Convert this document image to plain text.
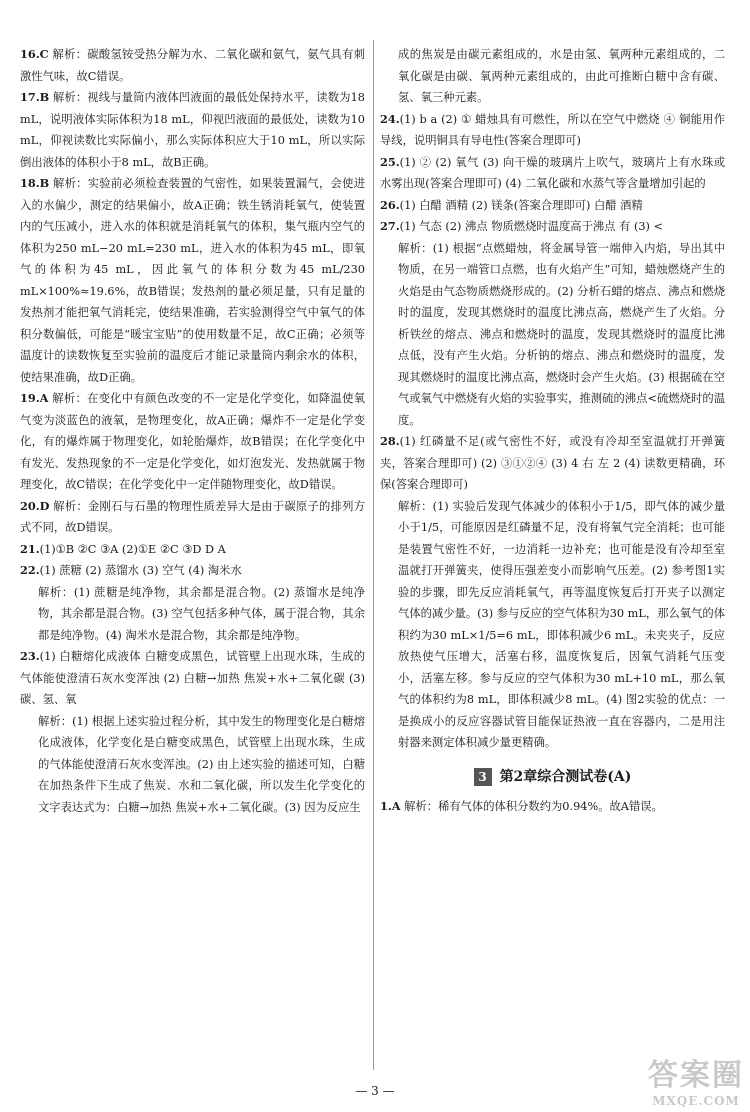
16.C 解析：碳酸氢铵受热分解为水、二氧化碳和氨气，氨气具有刺激性气味，故C错误。

17.B 解析：视线与量筒内液体凹液面的最低处保持水平，读数为18 mL，说明液体实际体积为18 mL，仰视凹液面的最低处，读数为10 mL，仰视读数比实际偏小，那么实际体积应大于10 mL，所以实际倒出液体的体积小于8 mL，故B正确。

18.B 解析：实验前必须检查装置的气密性，如果装置漏气，会使进入的水偏少，测定的结果偏小，故A正确；铁生锈消耗氧气，使装置内的气压减小，进入水的体积就是消耗氧气的体积，集气瓶内空气的体积为250 mL−20 mL=230 mL，进入水的体积为45 mL，即氧气的体积为45 mL，因此氧气的体积分数为45 mL/230 mL×100%≈19.6%，故B错误；发热剂的量必须足量，只有足量的发热剂才能把氧气消耗完，使结果准确，若实验测得空气中氧气的体积分数偏低，可能是“暖宝宝贴”的使用数量不足，故C正确；必须等温度计的读数恢复至实验前的温度后才能记录量筒内剩余水的体积，使结果准确，故D正确。

19.A 解析：在变化中有颜色改变的不一定是化学变化，如降温使氧气变为淡蓝色的液氧，是物理变化，故A正确；爆炸不一定是化学变化，有的爆炸属于物理变化，如轮胎爆炸，故B错误；在化学变化中有发光、发热现象的不一定是化学变化，如灯泡发光、发热就属于物理变化，故C错误；在化学变化中一定伴随物理变化，故D错误。

20.D 解析：金刚石与石墨的物理性质差异大是由于碳原子的排列方式不同，故D错误。

21.(1)①B ②C ③A (2)①E ②C ③D D A

22.(1) 蔗糖 (2) 蒸馏水 (3) 空气 (4) 淘米水

解析：(1) 蔗糖是纯净物，其余都是混合物。(2) 蒸馏水是纯净物，其余都是混合物。(3) 空气包括多种气体，属于混合物，其余都是纯净物。(4) 淘米水是混合物，其余都是纯净物。

23.(1) 白糖熔化成液体 白糖变成黑色，试管壁上出现水珠，生成的气体能使澄清石灰水变浑浊 (2) 白糖→加热 焦炭+水+二氧化碳 (3) 碳、氢、氧

解析：(1) 根据上述实验过程分析，其中发生的物理变化是白糖熔化成液体，化学变化是白糖变成黑色，试管壁上出现水珠，生成的气体能使澄清石灰水变浑浊。(2) 由上述实验的描述可知，白糖在加热条件下生成了焦炭、水和二氧化碳，所以发生化学变化的文字表达式为：白糖→加热 焦炭+水+二氧化碳。(3) 因为反应生

成的焦炭是由碳元素组成的，水是由氢、氧两种元素组成的，二氧化碳是由碳、氧两种元素组成的，由此可推断白糖中含有碳、氢、氧三种元素。

24.(1) b a (2) ① 蜡烛具有可燃性，所以在空气中燃烧 ④ 铜能用作导线，说明铜具有导电性(答案合理即可)

25.(1) ② (2) 氧气 (3) 向干燥的玻璃片上吹气，玻璃片上有水珠或水雾出现(答案合理即可) (4) 二氧化碳和水蒸气等含量增加引起的

26.(1) 白醋 酒精 (2) 镁条(答案合理即可) 白醋 酒精

27.(1) 气态 (2) 沸点 物质燃烧时温度高于沸点 有 (3) <

解析：(1) 根据“点燃蜡烛，将金属导管一端伸入内焰，导出其中物质，在另一端管口点燃，也有火焰产生”可知，蜡烛燃烧产生的火焰是由气态物质燃烧形成的。(2) 分析石蜡的熔点、沸点和燃烧时的温度，发现其燃烧时的温度比沸点高，燃烧产生了火焰。分析铁丝的熔点、沸点和燃烧时的温度，发现其燃烧时的温度比沸点低，没有产生火焰。分析钠的熔点、沸点和燃烧时的温度，发现其燃烧时的温度比沸点高，燃烧时会产生火焰。(3) 根据硫在空气或氧气中燃烧有火焰的实验事实，推测硫的沸点<硫燃烧时的温度。

28.(1) 红磷量不足(或气密性不好，或没有冷却至室温就打开弹簧夹，答案合理即可) (2) ③①②④ (3) 4 右 左 2 (4) 读数更精确，环保(答案合理即可)

解析：(1) 实验后发现气体减少的体积小于1/5，即气体的减少量小于1/5，可能原因是红磷量不足，没有将氧气完全消耗；也可能是装置气密性不好，一边消耗一边补充；也可能是没有冷却至室温就打开弹簧夹，使得压强差变小而影响气压差。(2) 参考图1实验的步骤，即先反应消耗氧气，再等温度恢复后打开夹子以测定气体的减少量。(3) 参与反应的空气体积为30 mL，那么氧气的体积约为30 mL×1/5=6 mL，即体积减少6 mL。未夹夹子，反应放热使气压增大，活塞右移，温度恢复后，因氧气消耗气压变小，活塞左移。参与反应的空气体积为30 mL+10 mL，那么氧气的体积约为8 mL，即体积减少8 mL。(4) 图2实验的优点：一是换成小的反应容器试管目能保证热液一直在容器内，二是用注射器来测定体积减少量更精确。

3 第2章综合测试卷(A)

1.A 解析：稀有气体的体积分数约为0.94%。故A错误。

— 3 —	答案圈
MXQE.COM
